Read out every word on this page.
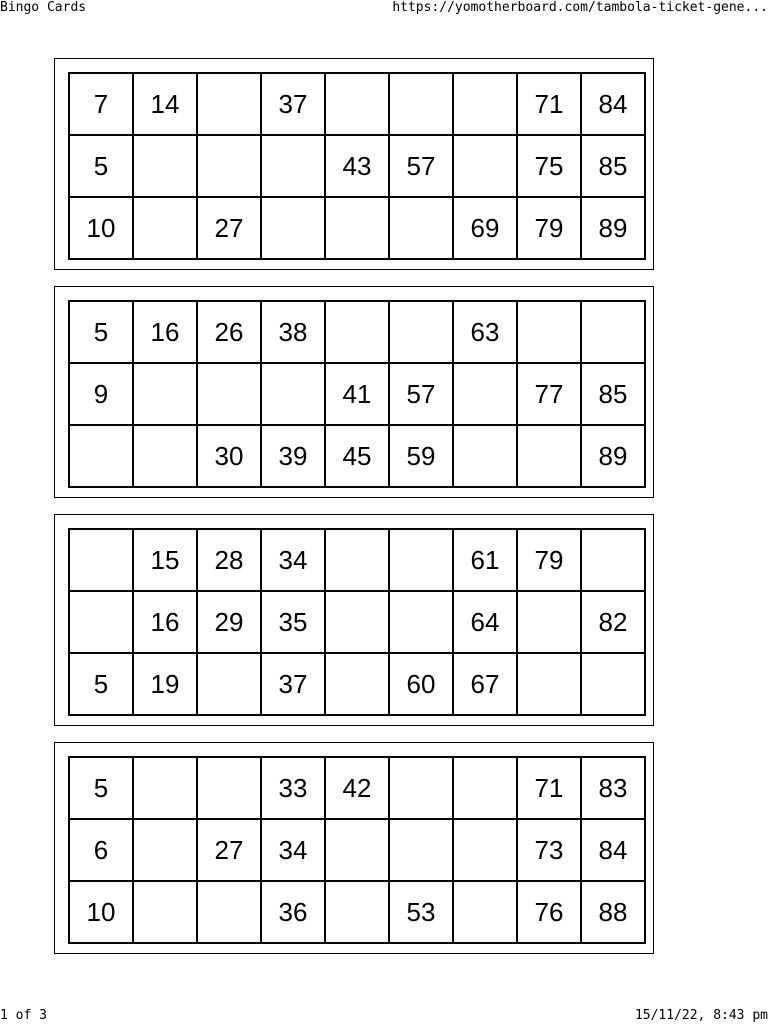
Bingo Cards	https://yomotherboard.com/tambola-ticket-gene...
7	14		37				71	84
5				43	57		75	85
10		27				69	79	89
5	16	26	38			63		
9				41	57		77	85
		30	39	45	59			89
	15	28	34			61	79	
	16	29	35			64		82
5	19		37		60	67		
5			33	42			71	83
6		27	34				73	84
10			36		53		76	88
1 of 3	15/11/22, 8:43 pm
